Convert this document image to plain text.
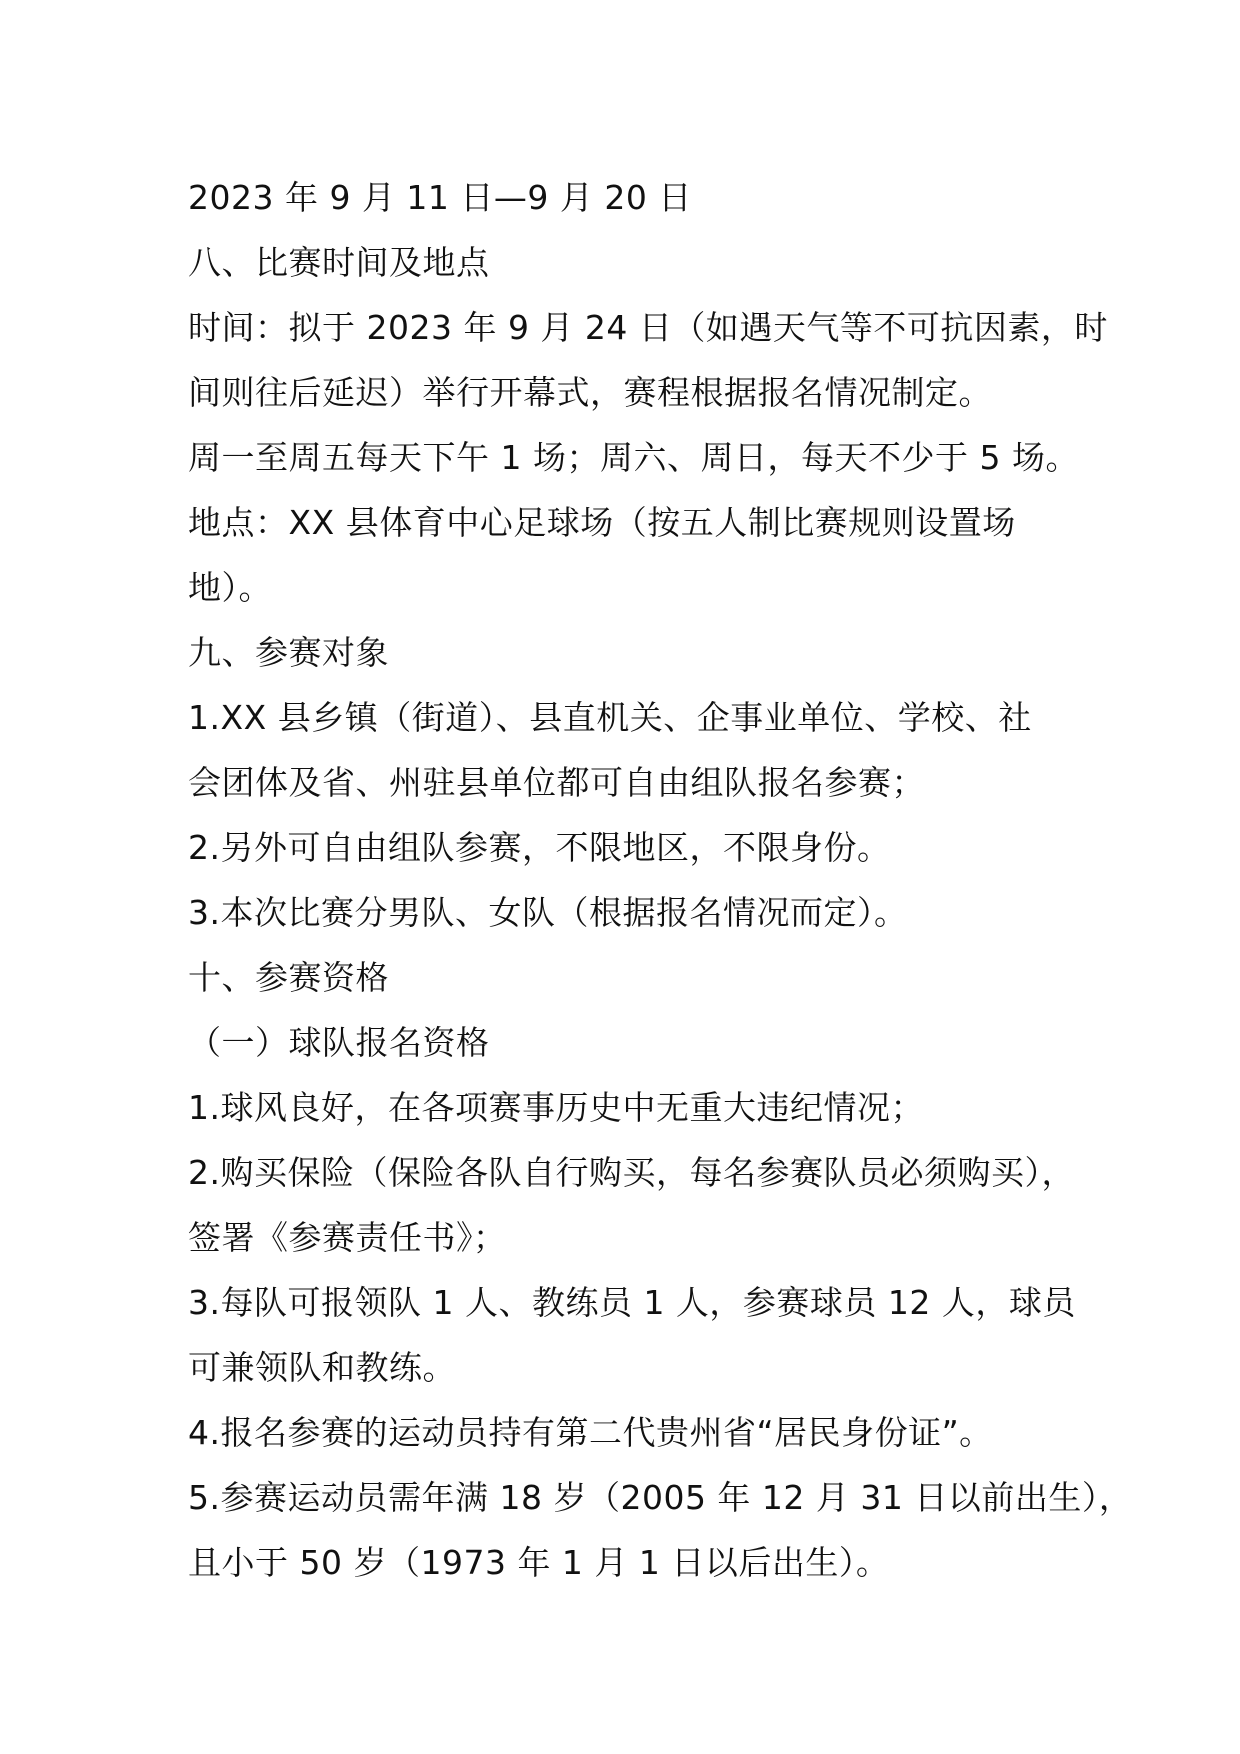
2023 年 9 月 11 日—9 月 20 日
八、比赛时间及地点
时间：拟于 2023 年 9 月 24 日（如遇天气等不可抗因素，时
间则往后延迟）举行开幕式，赛程根据报名情况制定。
周一至周五每天下午 1 场；周六、周日，每天不少于 5 场。
地点：XX 县体育中心足球场（按五人制比赛规则设置场
地）。
九、参赛对象
1.XX 县乡镇（街道）、县直机关、企事业单位、学校、社
会团体及省、州驻县单位都可自由组队报名参赛；
2.另外可自由组队参赛，不限地区，不限身份。
3.本次比赛分男队、女队（根据报名情况而定）。
十、参赛资格
（一）球队报名资格
1.球风良好，在各项赛事历史中无重大违纪情况；
2.购买保险（保险各队自行购买，每名参赛队员必须购买），
签署《参赛责任书》；
3.每队可报领队 1 人、教练员 1 人，参赛球员 12 人，球员
可兼领队和教练。
4.报名参赛的运动员持有第二代贵州省“居民身份证”。
5.参赛运动员需年满 18 岁（2005 年 12 月 31 日以前出生），
且小于 50 岁（1973 年 1 月 1 日以后出生）。
